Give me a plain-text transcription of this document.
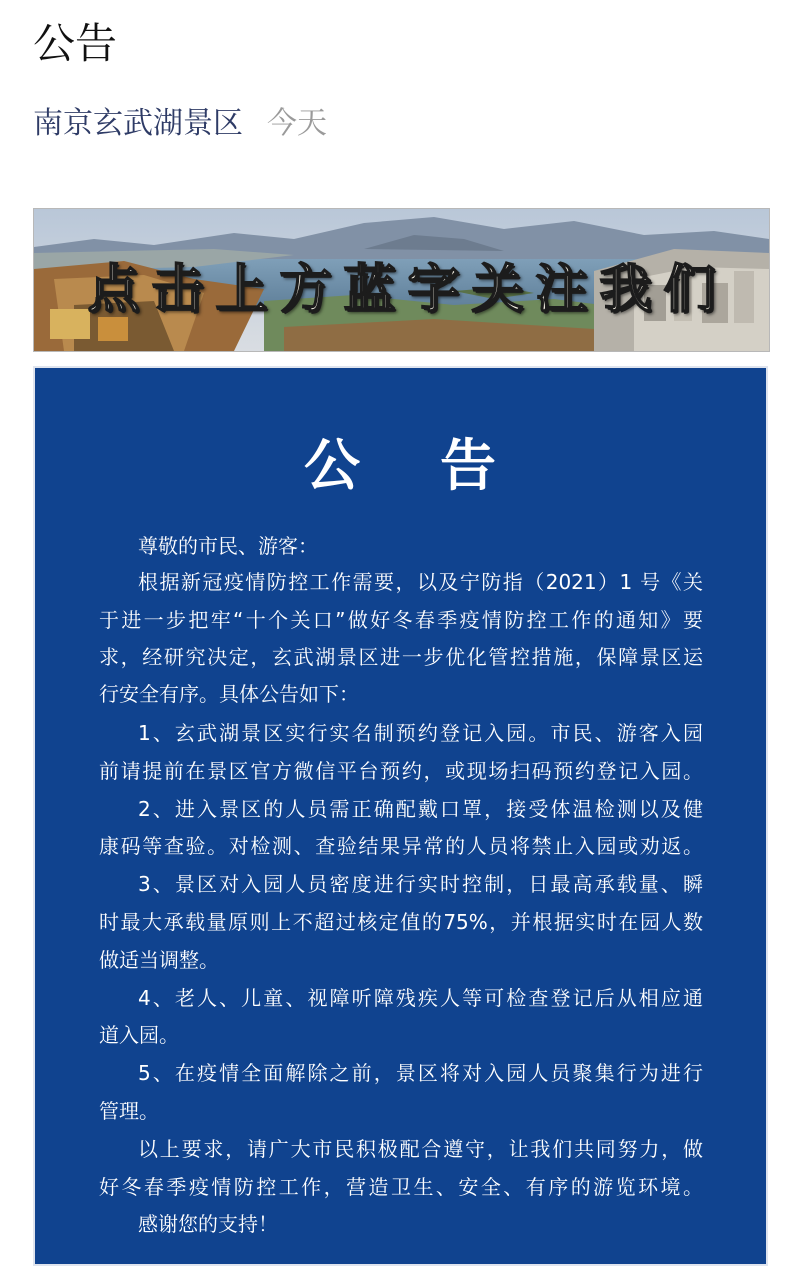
公告
南京玄武湖景区 今天
点击上方蓝字关注我们
公 告

尊敬的市民、游客：

根据新冠疫情防控工作需要，以及宁防指（2021）1 号《关

于进一步把牢“十个关口”做好冬春季疫情防控工作的通知》要

求，经研究决定，玄武湖景区进一步优化管控措施，保障景区运

行安全有序。具体公告如下：

1、玄武湖景区实行实名制预约登记入园。市民、游客入园

前请提前在景区官方微信平台预约，或现场扫码预约登记入园。

2、进入景区的人员需正确配戴口罩，接受体温检测以及健

康码等查验。对检测、查验结果异常的人员将禁止入园或劝返。

3、景区对入园人员密度进行实时控制，日最高承载量、瞬

时最大承载量原则上不超过核定值的75%，并根据实时在园人数

做适当调整。

4、老人、儿童、视障听障残疾人等可检查登记后从相应通

道入园。

5、在疫情全面解除之前，景区将对入园人员聚集行为进行

管理。

以上要求，请广大市民积极配合遵守，让我们共同努力，做

好冬春季疫情防控工作，营造卫生、安全、有序的游览环境。

感谢您的支持！
